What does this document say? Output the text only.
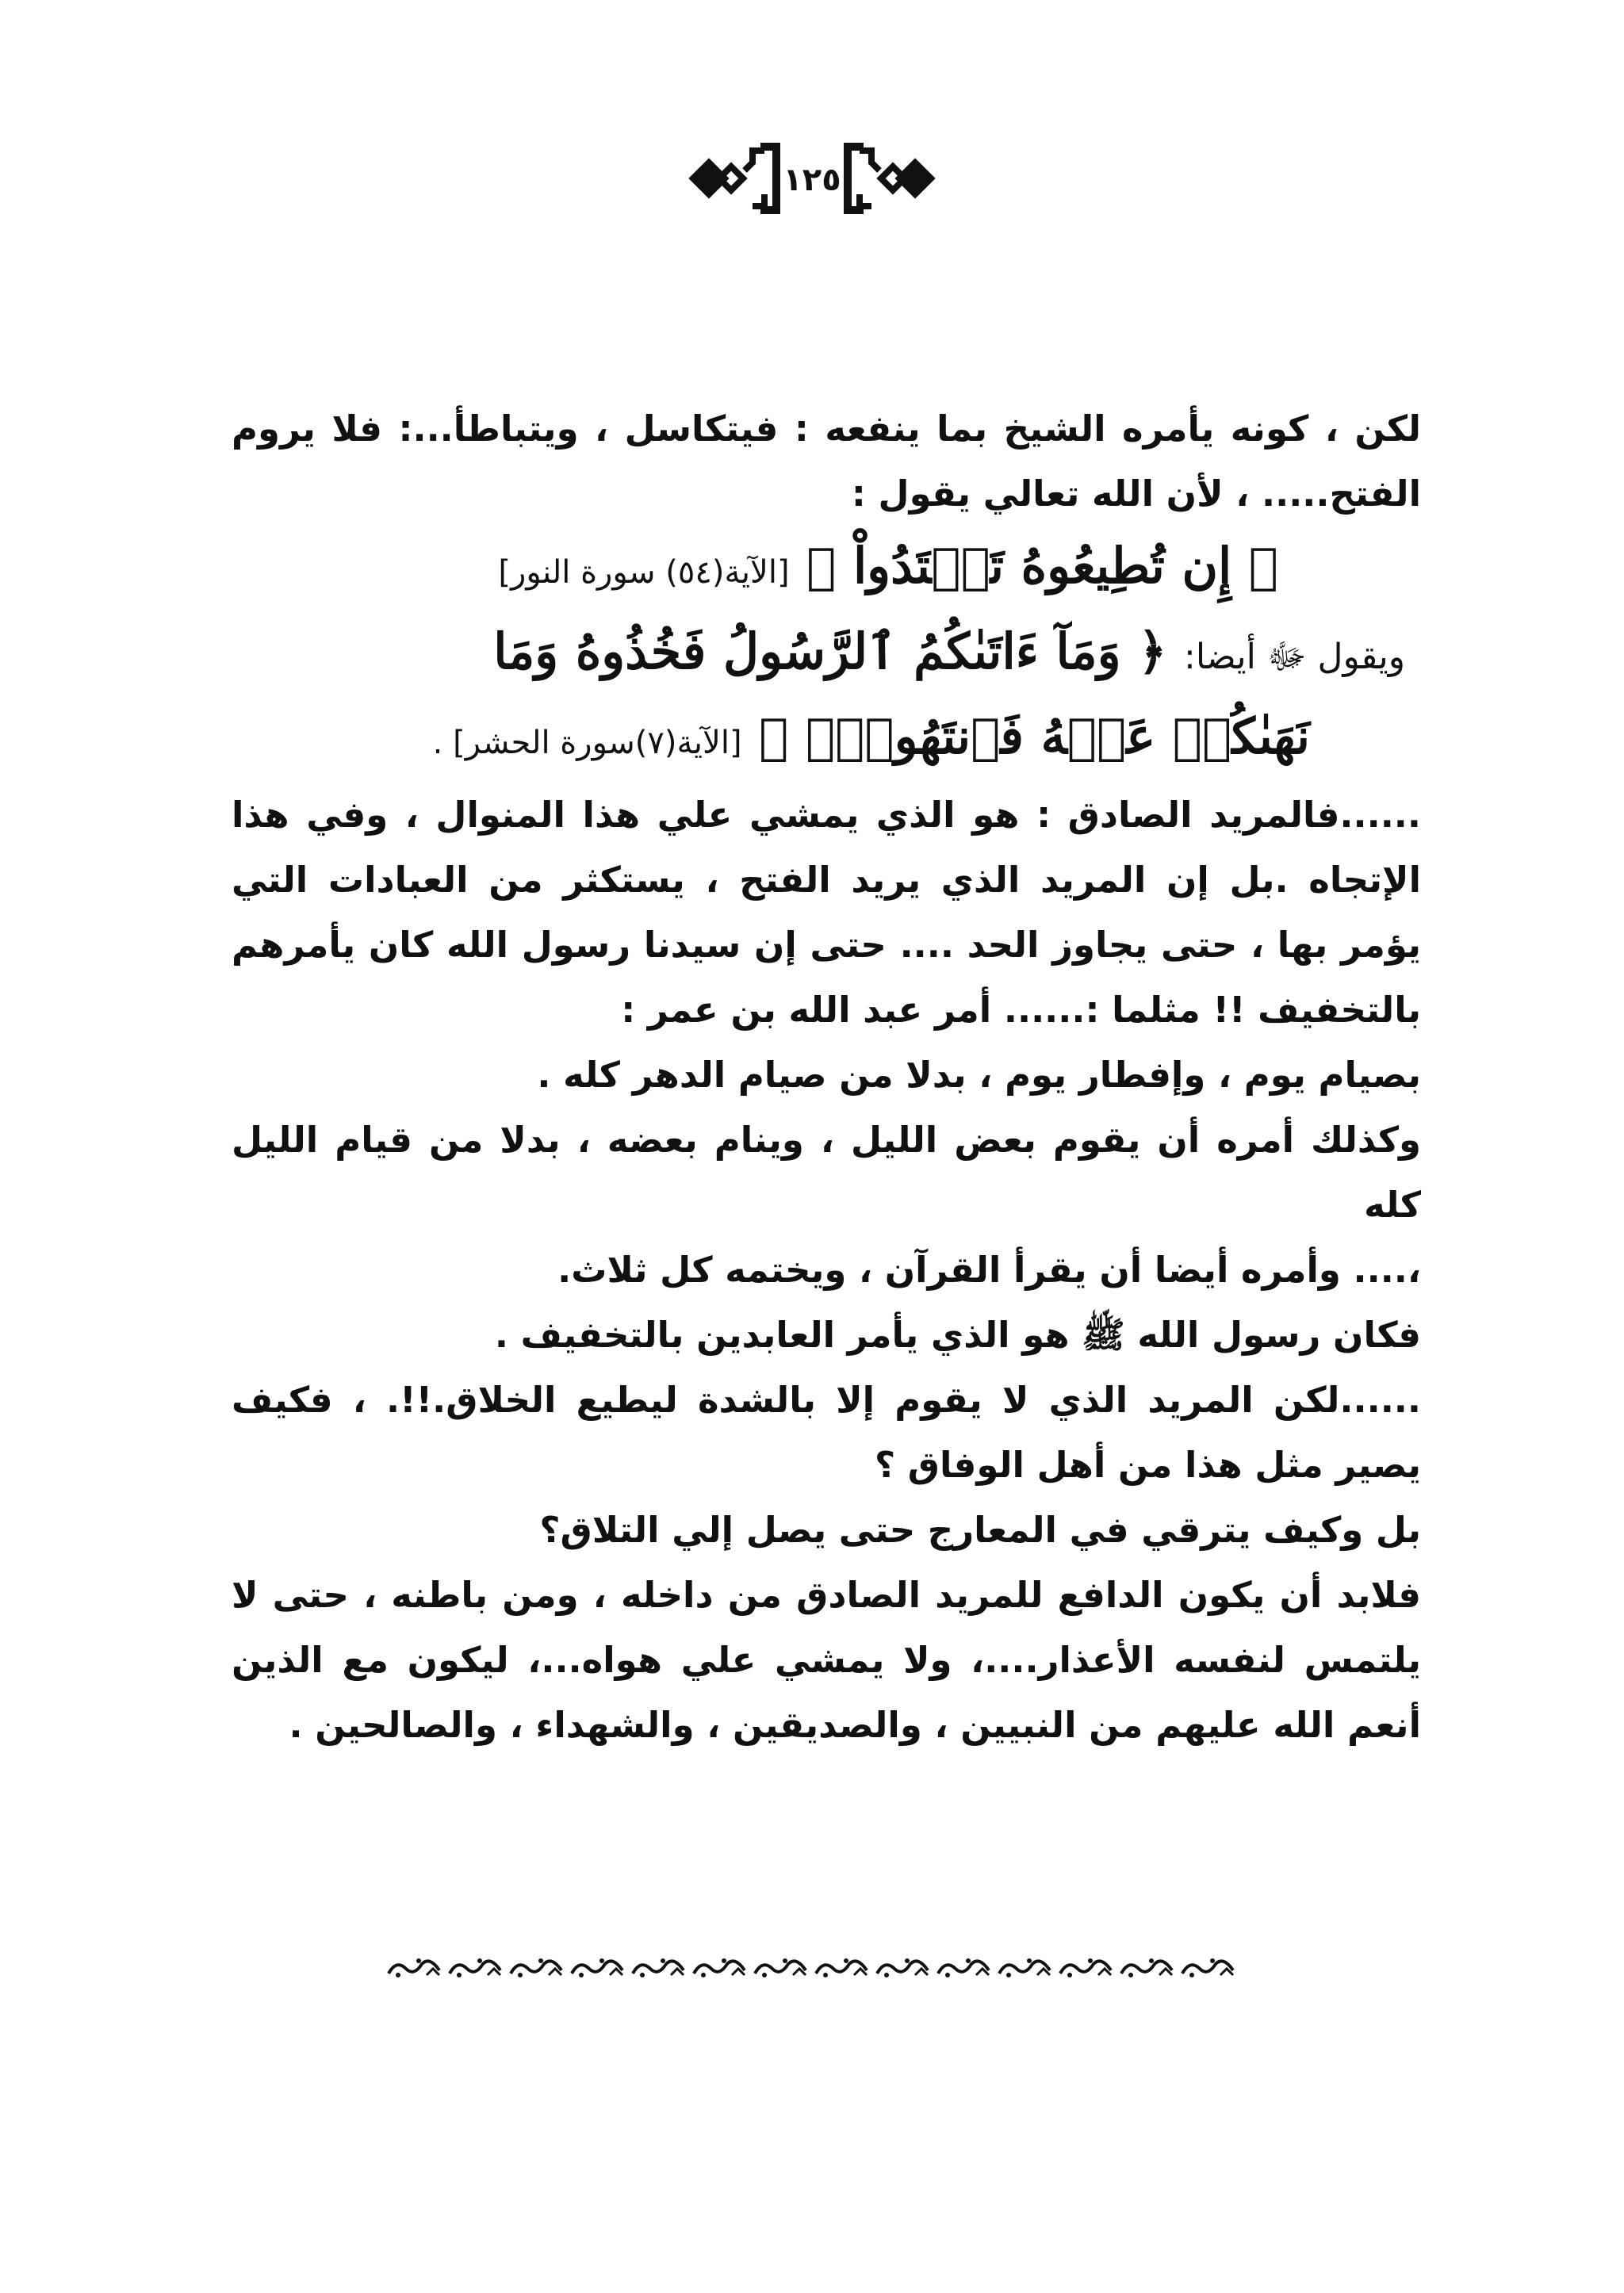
١٢٥
لكن ، كونه يأمره الشيخ بما ينفعه : فيتكاسل ، ويتباطأ...: فلا يروم
الفتح..... ، لأن الله تعالي يقول :
﴿ إِن تُطِيعُوهُ تَهۡتَدُواْ ﴾ [الآية(٥٤) سورة النور]
ويقول ﷻ أيضا: ﴿ وَمَآ ءَاتَىٰكُمُ ٱلرَّسُولُ فَخُذُوهُ وَمَا
نَهَىٰكُمۡ عَنۡهُ فَٱنتَهُواْۚ ﴾ [الآية(٧)سورة الحشر] .
......فالمريد الصادق : هو الذي يمشي علي هذا المنوال ، وفي هذا
الإتجاه .بل إن المريد الذي يريد الفتح ، يستكثر من العبادات التي
يؤمر بها ، حتى يجاوز الحد .... حتى إن سيدنا رسول الله كان يأمرهم
بالتخفيف !! مثلما :...... أمر عبد الله بن عمر :
بصيام يوم ، وإفطار يوم ، بدلا من صيام الدهر كله .
وكذلك أمره أن يقوم بعض الليل ، وينام بعضه ، بدلا من قيام الليل كله
،.... وأمره أيضا أن يقرأ القرآن ، ويختمه كل ثلاث.
فكان رسول الله ﷺ هو الذي يأمر العابدين بالتخفيف .
......لكن المريد الذي لا يقوم إلا بالشدة ليطيع الخلاق.!!. ، فكيف
يصير مثل هذا من أهل الوفاق ؟
بل وكيف يترقي في المعارج حتى يصل إلي التلاق؟
فلابد أن يكون الدافع للمريد الصادق من داخله ، ومن باطنه ، حتى لا
يلتمس لنفسه الأعذار....، ولا يمشي علي هواه...، ليكون مع الذين
أنعم الله عليهم من النبيين ، والصديقين ، والشهداء ، والصالحين .
